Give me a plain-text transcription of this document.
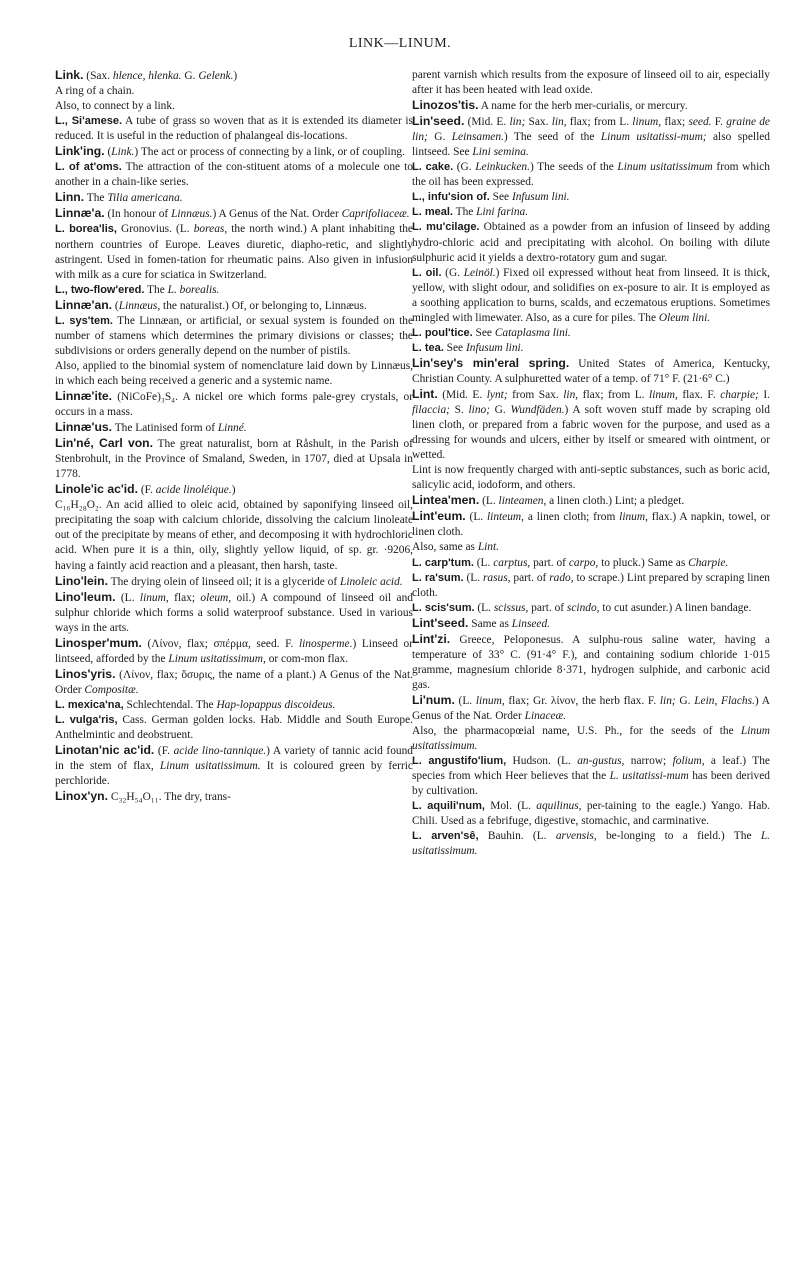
LINK—LINUM.

Link. (Sax. hlence, hlenka. G. Gelenk.)

A ring of a chain.

Also, to connect by a link.

L., Si'amese. A tube of grass so woven that as it is extended its diameter is reduced. It is useful in the reduction of phalangeal dis-locations.

Link'ing. (Link.) The act or process of connecting by a link, or of coupling.

L. of at'oms. The attraction of the con-stituent atoms of a molecule one to another in a chain-like series.

Linn. The Tilia americana.

Linnæ'a. (In honour of Linnæus.) A Genus of the Nat. Order Caprifoliaceæ.

L. borea'lis, Gronovius. (L. boreas, the north wind.) A plant inhabiting the northern countries of Europe. Leaves diuretic, diapho-retic, and slightly astringent. Used in fomen-tation for rheumatic pains. Also given in infusion with milk as a cure for sciatica in Switzerland.

L., two-flow'ered. The L. borealis.

Linnæ'an. (Linnæus, the naturalist.) Of, or belonging to, Linnæus.

L. sys'tem. The Linnæan, or artificial, or sexual system is founded on the number of stamens which determines the primary divisions or classes; the subdivisions or orders generally depend on the number of pistils.

Also, applied to the binomial system of nomenclature laid down by Linnæus, in which each being received a generic and a systemic name.

Linnæ'ite. (NiCoFe)₃S₄. A nickel ore which forms pale-grey crystals, or occurs in a mass.

Linnæ'us. The Latinised form of Linné.

Lin'né, Carl von. The great naturalist, born at Råshult, in the Parish of Stenbrohult, in the Province of Smaland, Sweden, in 1707, died at Upsala in 1778.

Linole'ic ac'id. (F. acide linoléique.)

C₁₆H₂₈O₂. An acid allied to oleic acid, obtained by saponifying linseed oil, precipitating the soap with calcium chloride, dissolving the calcium linoleate out of the precipitate by means of ether, and decomposing it with hydrochloric acid. When pure it is a thin, oily, slightly yellow liquid, of sp. gr. ·9206, having a faintly acid reaction and a pleasant, then harsh, taste.

Lino'lein. The drying olein of linseed oil; it is a glyceride of Linoleic acid.

Lino'leum. (L. linum, flax; oleum, oil.) A compound of linseed oil and sulphur chloride which forms a solid waterproof substance. Used in various ways in the arts.

Linosper'mum. (Λίνον, flax; σπέρμα, seed. F. linosperme.) Linseed or lintseed, afforded by the Linum usitatissimum, or com-mon flax.

Linos'yris. (Λίνον, flax; ὄσυρις, the name of a plant.) A Genus of the Nat. Order Compositæ.

L. mexica'na, Schlechtendal. The Hap-lopappus discoideus.

L. vulga'ris, Cass. German golden locks. Hab. Middle and South Europe. Anthelmintic and deobstruent.

Linotan'nic ac'id. (F. acide lino-tannique.) A variety of tannic acid found in the stem of flax, Linum usitatissimum. It is coloured green by ferric perchloride.

Linox'yn. C₃₂H₅₄O₁₁. The dry, trans-

parent varnish which results from the exposure of linseed oil to air, especially after it has been heated with lead oxide.

Linozos'tis. A name for the herb mer-curialis, or mercury.

Lin'seed. (Mid. E. lin; Sax. lin, flax; from L. linum, flax; seed. F. graine de lin; G. Leinsamen.) The seed of the Linum usitatissi-mum; also spelled lintseed. See Lini semina.

L. cake. (G. Leinkucken.) The seeds of the Linum usitatissimum from which the oil has been expressed.

L., infu'sion of. See Infusum lini.

L. meal. The Lini farina.

L. mu'cilage. Obtained as a powder from an infusion of linseed by adding hydro-chloric acid and precipitating with alcohol. On boiling with dilute sulphuric acid it yields a dextro-rotatory gum and sugar.

L. oil. (G. Leinöl.) Fixed oil expressed without heat from linseed. It is thick, yellow, with slight odour, and solidifies on ex-posure to air. It is employed as a soothing application to burns, scalds, and eczematous eruptions. Sometimes mingled with limewater. Also, as a cure for piles. The Oleum lini.

L. poul'tice. See Cataplasma lini.

L. tea. See Infusum lini.

Lin'sey's min'eral spring. United States of America, Kentucky, Christian County. A sulphuretted water of a temp. of 71° F. (21·6° C.)

Lint. (Mid. E. lynt; from Sax. lin, flax; from L. linum, flax. F. charpie; I. filaccia; S. lino; G. Wundfäden.) A soft woven stuff made by scraping old linen cloth, or prepared from a fabric woven for the purpose, and used as a dressing for wounds and ulcers, either by itself or smeared with ointment, or wetted.

Lint is now frequently charged with anti-septic substances, such as boric acid, salicylic acid, iodoform, and others.

Lintea'men. (L. linteamen, a linen cloth.) Lint; a pledget.

Lint'eum. (L. linteum, a linen cloth; from linum, flax.) A napkin, towel, or linen cloth.

Also, same as Lint.

L. carp'tum. (L. carptus, part. of carpo, to pluck.) Same as Charpie.

L. ra'sum. (L. rasus, part. of rado, to scrape.) Lint prepared by scraping linen cloth.

L. scis'sum. (L. scissus, part. of scindo, to cut asunder.) A linen bandage.

Lint'seed. Same as Linseed.

Lint'zi. Greece, Peloponesus. A sulphu-rous saline water, having a temperature of 33° C. (91·4° F.), and containing sodium chloride 1·015 gramme, magnesium chloride 8·371, hydrogen sulphide, and carbonic acid gas.

Li'num. (L. linum, flax; Gr. λίνον, the herb flax. F. lin; G. Lein, Flachs.) A Genus of the Nat. Order Linaceæ.

Also, the pharmacopœial name, U.S. Ph., for the seeds of the Linum usitatissimum.

L. angustifo'lium, Hudson. (L. an-gustus, narrow; folium, a leaf.) The species from which Heer believes that the L. usitatissi-mum has been derived by cultivation.

L. aquili'num, Mol. (L. aquilinus, per-taining to the eagle.) Yango. Hab. Chili. Used as a febrifuge, digestive, stomachic, and carminative.

L. arven'sê, Bauhin. (L. arvensis, be-longing to a field.) The L. usitatissimum.
